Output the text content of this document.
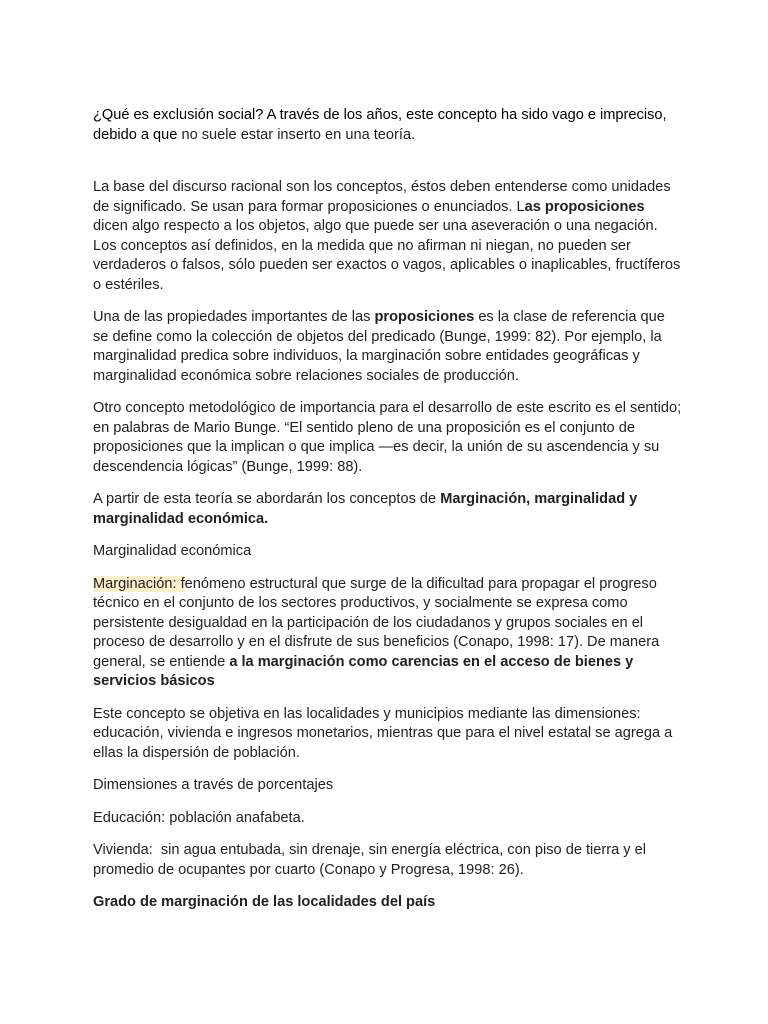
¿Qué es exclusión social? A través de los años, este concepto ha sido vago e impreciso, debido a que no suele estar inserto en una teoría.

La base del discurso racional son los conceptos, éstos deben entenderse como unidades de significado. Se usan para formar proposiciones o enunciados. Las proposiciones dicen algo respecto a los objetos, algo que puede ser una aseveración o una negación. Los conceptos así definidos, en la medida que no afirman ni niegan, no pueden ser verdaderos o falsos, sólo pueden ser exactos o vagos, aplicables o inaplicables, fructíferos o estériles.

Una de las propiedades importantes de las proposiciones es la clase de referencia que se define como la colección de objetos del predicado (Bunge, 1999: 82). Por ejemplo, la marginalidad predica sobre individuos, la marginación sobre entidades geográficas y marginalidad económica sobre relaciones sociales de producción.

Otro concepto metodológico de importancia para el desarrollo de este escrito es el sentido; en palabras de Mario Bunge. “El sentido pleno de una proposición es el conjunto de proposiciones que la implican o que implica —es decir, la unión de su ascendencia y su descendencia lógicas” (Bunge, 1999: 88).

A partir de esta teoría se abordarán los conceptos de Marginación, marginalidad y marginalidad económica.

Marginalidad económica

Marginación: fenómeno estructural que surge de la dificultad para propagar el progreso técnico en el conjunto de los sectores productivos, y socialmente se expresa como persistente desigualdad en la participación de los ciudadanos y grupos sociales en el proceso de desarrollo y en el disfrute de sus beneficios (Conapo, 1998: 17). De manera general, se entiende a la marginación como carencias en el acceso de bienes y servicios básicos

Este concepto se objetiva en las localidades y municipios mediante las dimensiones: educación, vivienda e ingresos monetarios, mientras que para el nivel estatal se agrega a ellas la dispersión de población.

Dimensiones a través de porcentajes

Educación: población anafabeta.

Vivienda:  sin agua entubada, sin drenaje, sin energía eléctrica, con piso de tierra y el promedio de ocupantes por cuarto (Conapo y Progresa, 1998: 26).

Grado de marginación de las localidades del país
